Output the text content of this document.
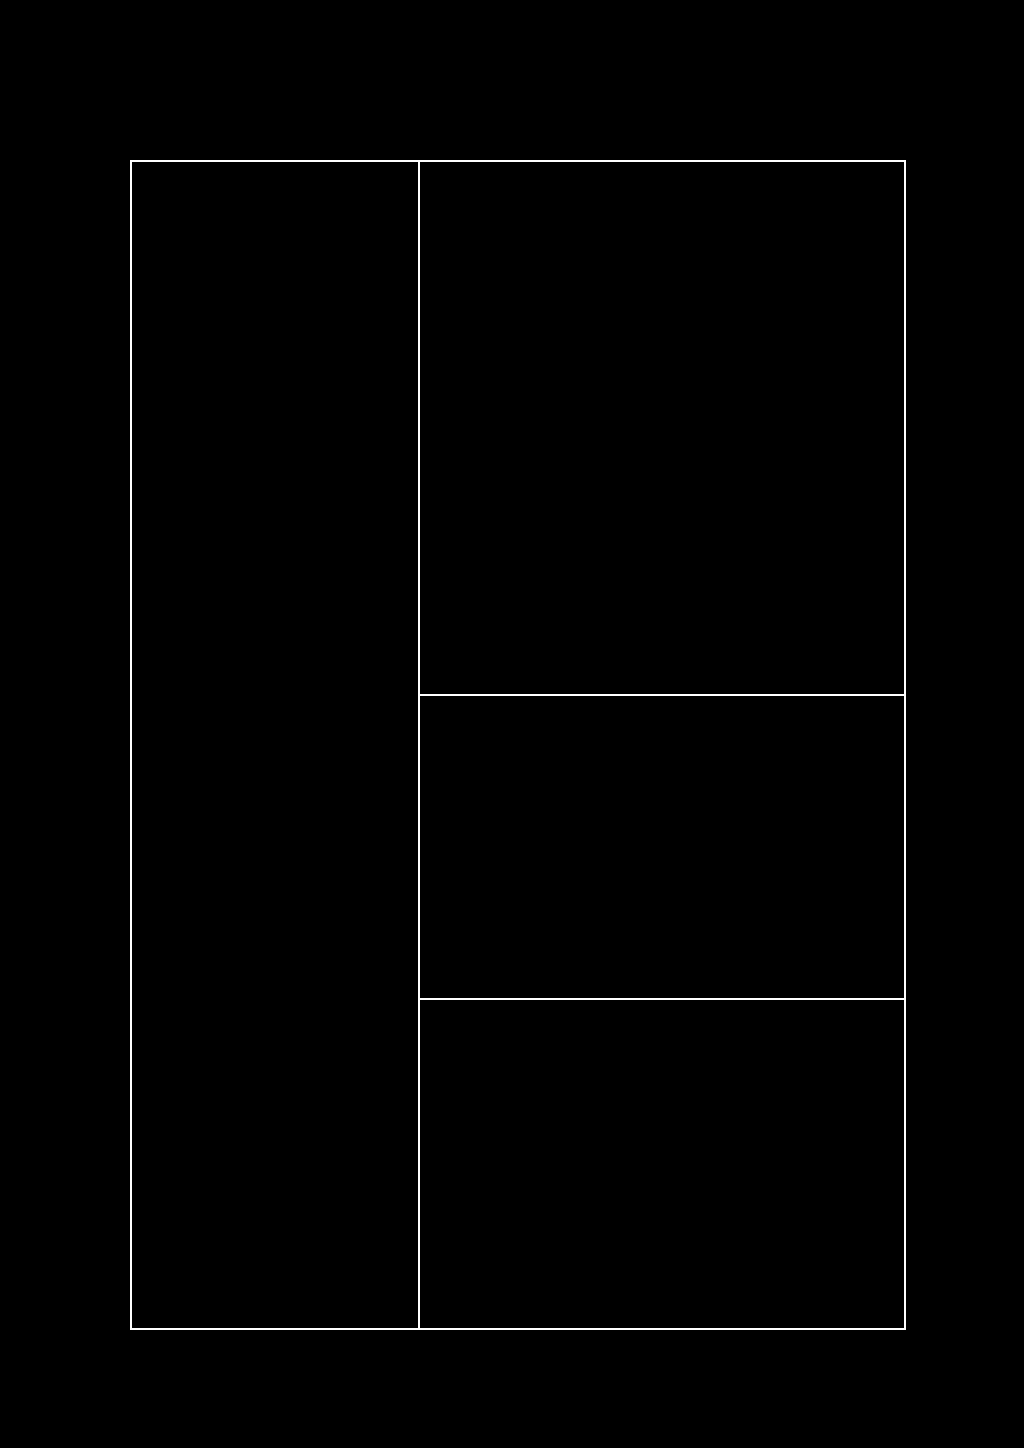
Prunus domestica και P. salicina
Prunus persica

Apple mosaic virus (ApMV) (ιός του μωσαϊκού της μηλιάς)

Arabis mosaic virus (ArMV) (ιός του μωσαϊκού της αραβίδας)

Cherry green ring mottle virus (CGRMV)

Cherry leaf roll virus (CLRV) (ιός του καρουλιάσματος των φύλλων της κερασιάς)

Cherry necrotic rusty mottle virus (CNRMV) Little cherry virus 1 and 2 (LChV1, LChV2)

Cherry mottle leaf virus (ChMLV))

Prune dwarf virus (PDV) (ιός του νανισμού της δαμασκηνιάς)

Prunus necrotic ringspot virus (PNRSV) (ιός της νεκρωτικής δακτυλιωτής κηλίδωσης των πυρηνόκαρπων)

Raspberry ringspot virus (RpRSV)

Strawberry latent ringspot virus (SLRSV))

Tomato black ring nepovirus (TBRV) (ιός των μαύρων δακτυλίων της τομάτας)

Ιοί

Apple chlorotic leaf spot virus (ACLSV) (ιός της χλωρωτικής κηλίδωσης των φύλλων της μηλιάς)

Apple mosaic virus (ApMV) (ιός του μωσαϊκού της μηλιάς)

Myrobalan latent ringspot virus (MLRSV)

Prune dwarf virus (PDV) (ιός του νανισμού της δαμασκηνιάς)

Prunus necrotic ringspot virus (PNRSV) (ιός της νεκρωτικής δακτυλιωτής κηλίδωσης των πυρηνόκαρπων)

Ιοί

Apple chlorotic leaf spot virus (ACLSV) (ιός της χλωρωτικής κηλίδωσης των φύλλων της μηλιάς)

Apple mosaic virus (ApMV) (ιός του μωσαϊκού της μηλιάς)

Apricot latent virus (ApLV) (λανθάνων ιός της βερικοκιάς)

Prune dwarf virus (PDV) (ιός του νανισμού της δαμασκηνιάς)

Prunus necrotic ringspot virus (PNRSV) (ιός της νεκρωτικής δακτυλιωτής κηλίδωσης των πυρηνοκάρπων)
